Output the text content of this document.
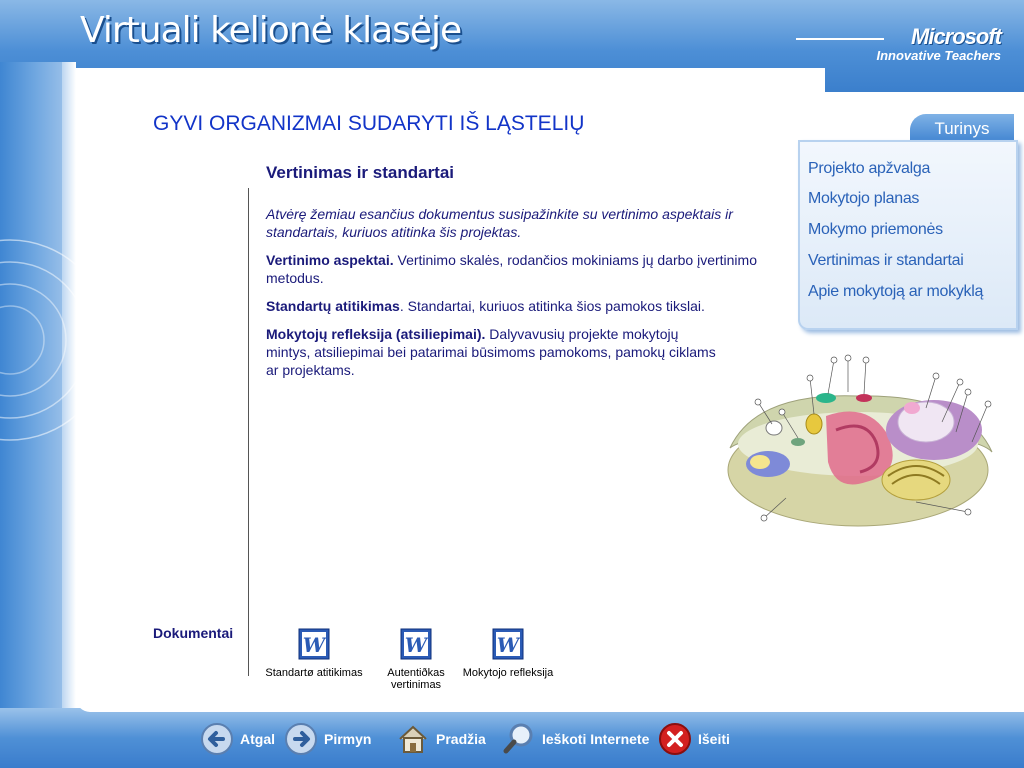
Virtuali kelionė klasėje	Microsoft
Innovative Teachers
Turinys
Projekto apžvalga
Mokytojo planas
Mokymo priemonės
Vertinimas ir standartai
Apie mokytoją ar mokyklą
GYVI ORGANIZMAI SUDARYTI IŠ LĄSTELIŲ
Vertinimas ir standartai

Atvėrę žemiau esančius dokumentus susipažinkite su vertinimo aspektais ir standartais, kuriuos atitinka šis projektas.

Vertinimo aspektai. Vertinimo skalės, rodančios mokiniams jų darbo įvertinimo metodus.

Standartų atitikimas. Standartai, kuriuos atitinka šios pamokos tikslai.

Mokytojų refleksija (atsiliepimai). Dalyvavusių projekte mokytojų mintys, atsiliepimai bei patarimai būsimoms pamokoms, pamokų ciklams ar projektams.

Dokumentai	W
Standartø atitikimas
W
Autentiðkas vertinimas
W
Mokytojo refleksija
Atgal	Pirmyn	Pradžia	Ieškoti Internete	Išeiti
